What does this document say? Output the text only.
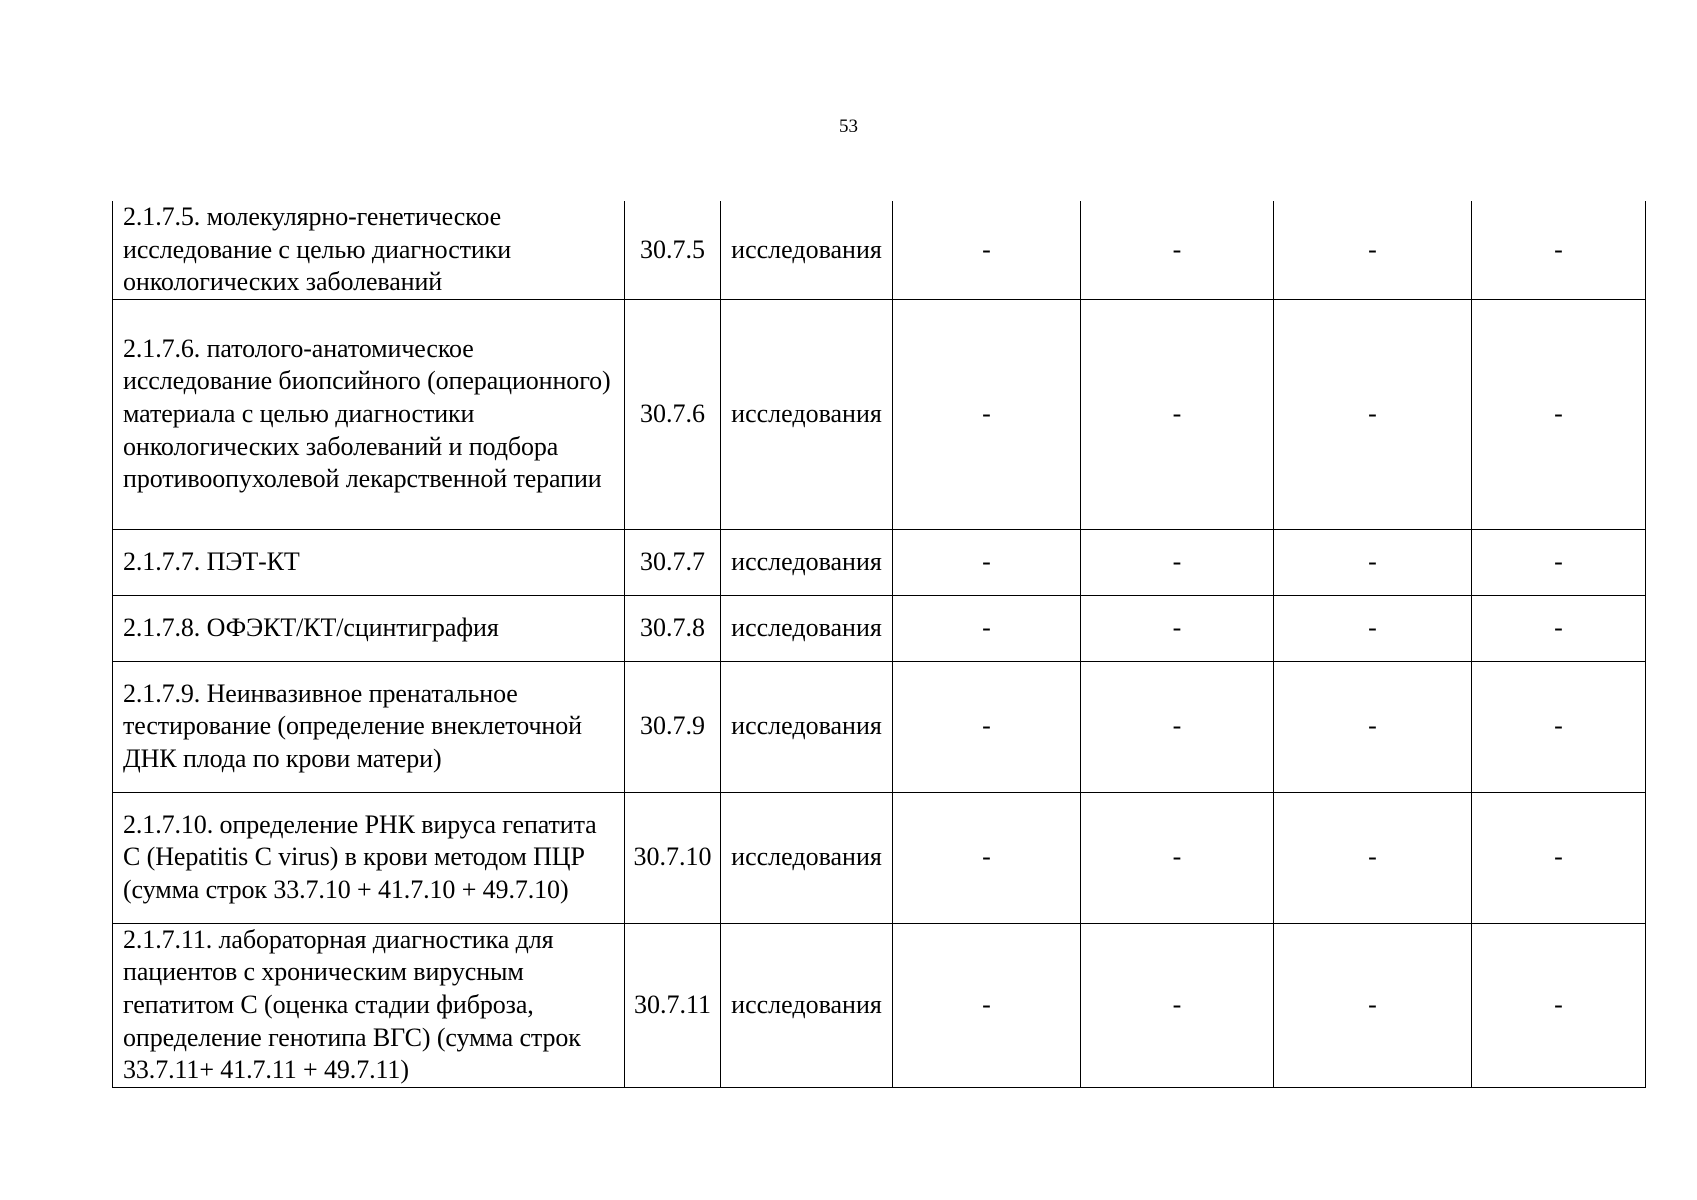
53
2.1.7.5. молекулярно-генетическое исследование с целью диагностики онкологических заболеваний	30.7.5	исследования	-	-	-	-

2.1.7.6. патолого-анатомическое исследование биопсийного (операционного) материала с целью диагностики онкологических заболеваний и подбора противоопухолевой лекарственной терапии	30.7.6	исследования	-	-	-	-

2.1.7.7. ПЭТ-КТ	30.7.7	исследования	-	-	-	-

2.1.7.8. ОФЭКТ/КТ/сцинтиграфия	30.7.8	исследования	-	-	-	-

2.1.7.9. Неинвазивное пренатальное тестирование (определение внеклеточной ДНК плода по крови матери)	30.7.9	исследования	-	-	-	-

2.1.7.10. определение РНК вируса гепатита С (Hepatitis C virus) в крови методом ПЦР (сумма строк 33.7.10 + 41.7.10 + 49.7.10)	30.7.10	исследования	-	-	-	-

2.1.7.11. лабораторная диагностика для пациентов с хроническим вирусным гепатитом С (оценка стадии фиброза, определение генотипа ВГС) (сумма строк 33.7.11+ 41.7.11 + 49.7.11)	30.7.11	исследования	-	-	-	-
